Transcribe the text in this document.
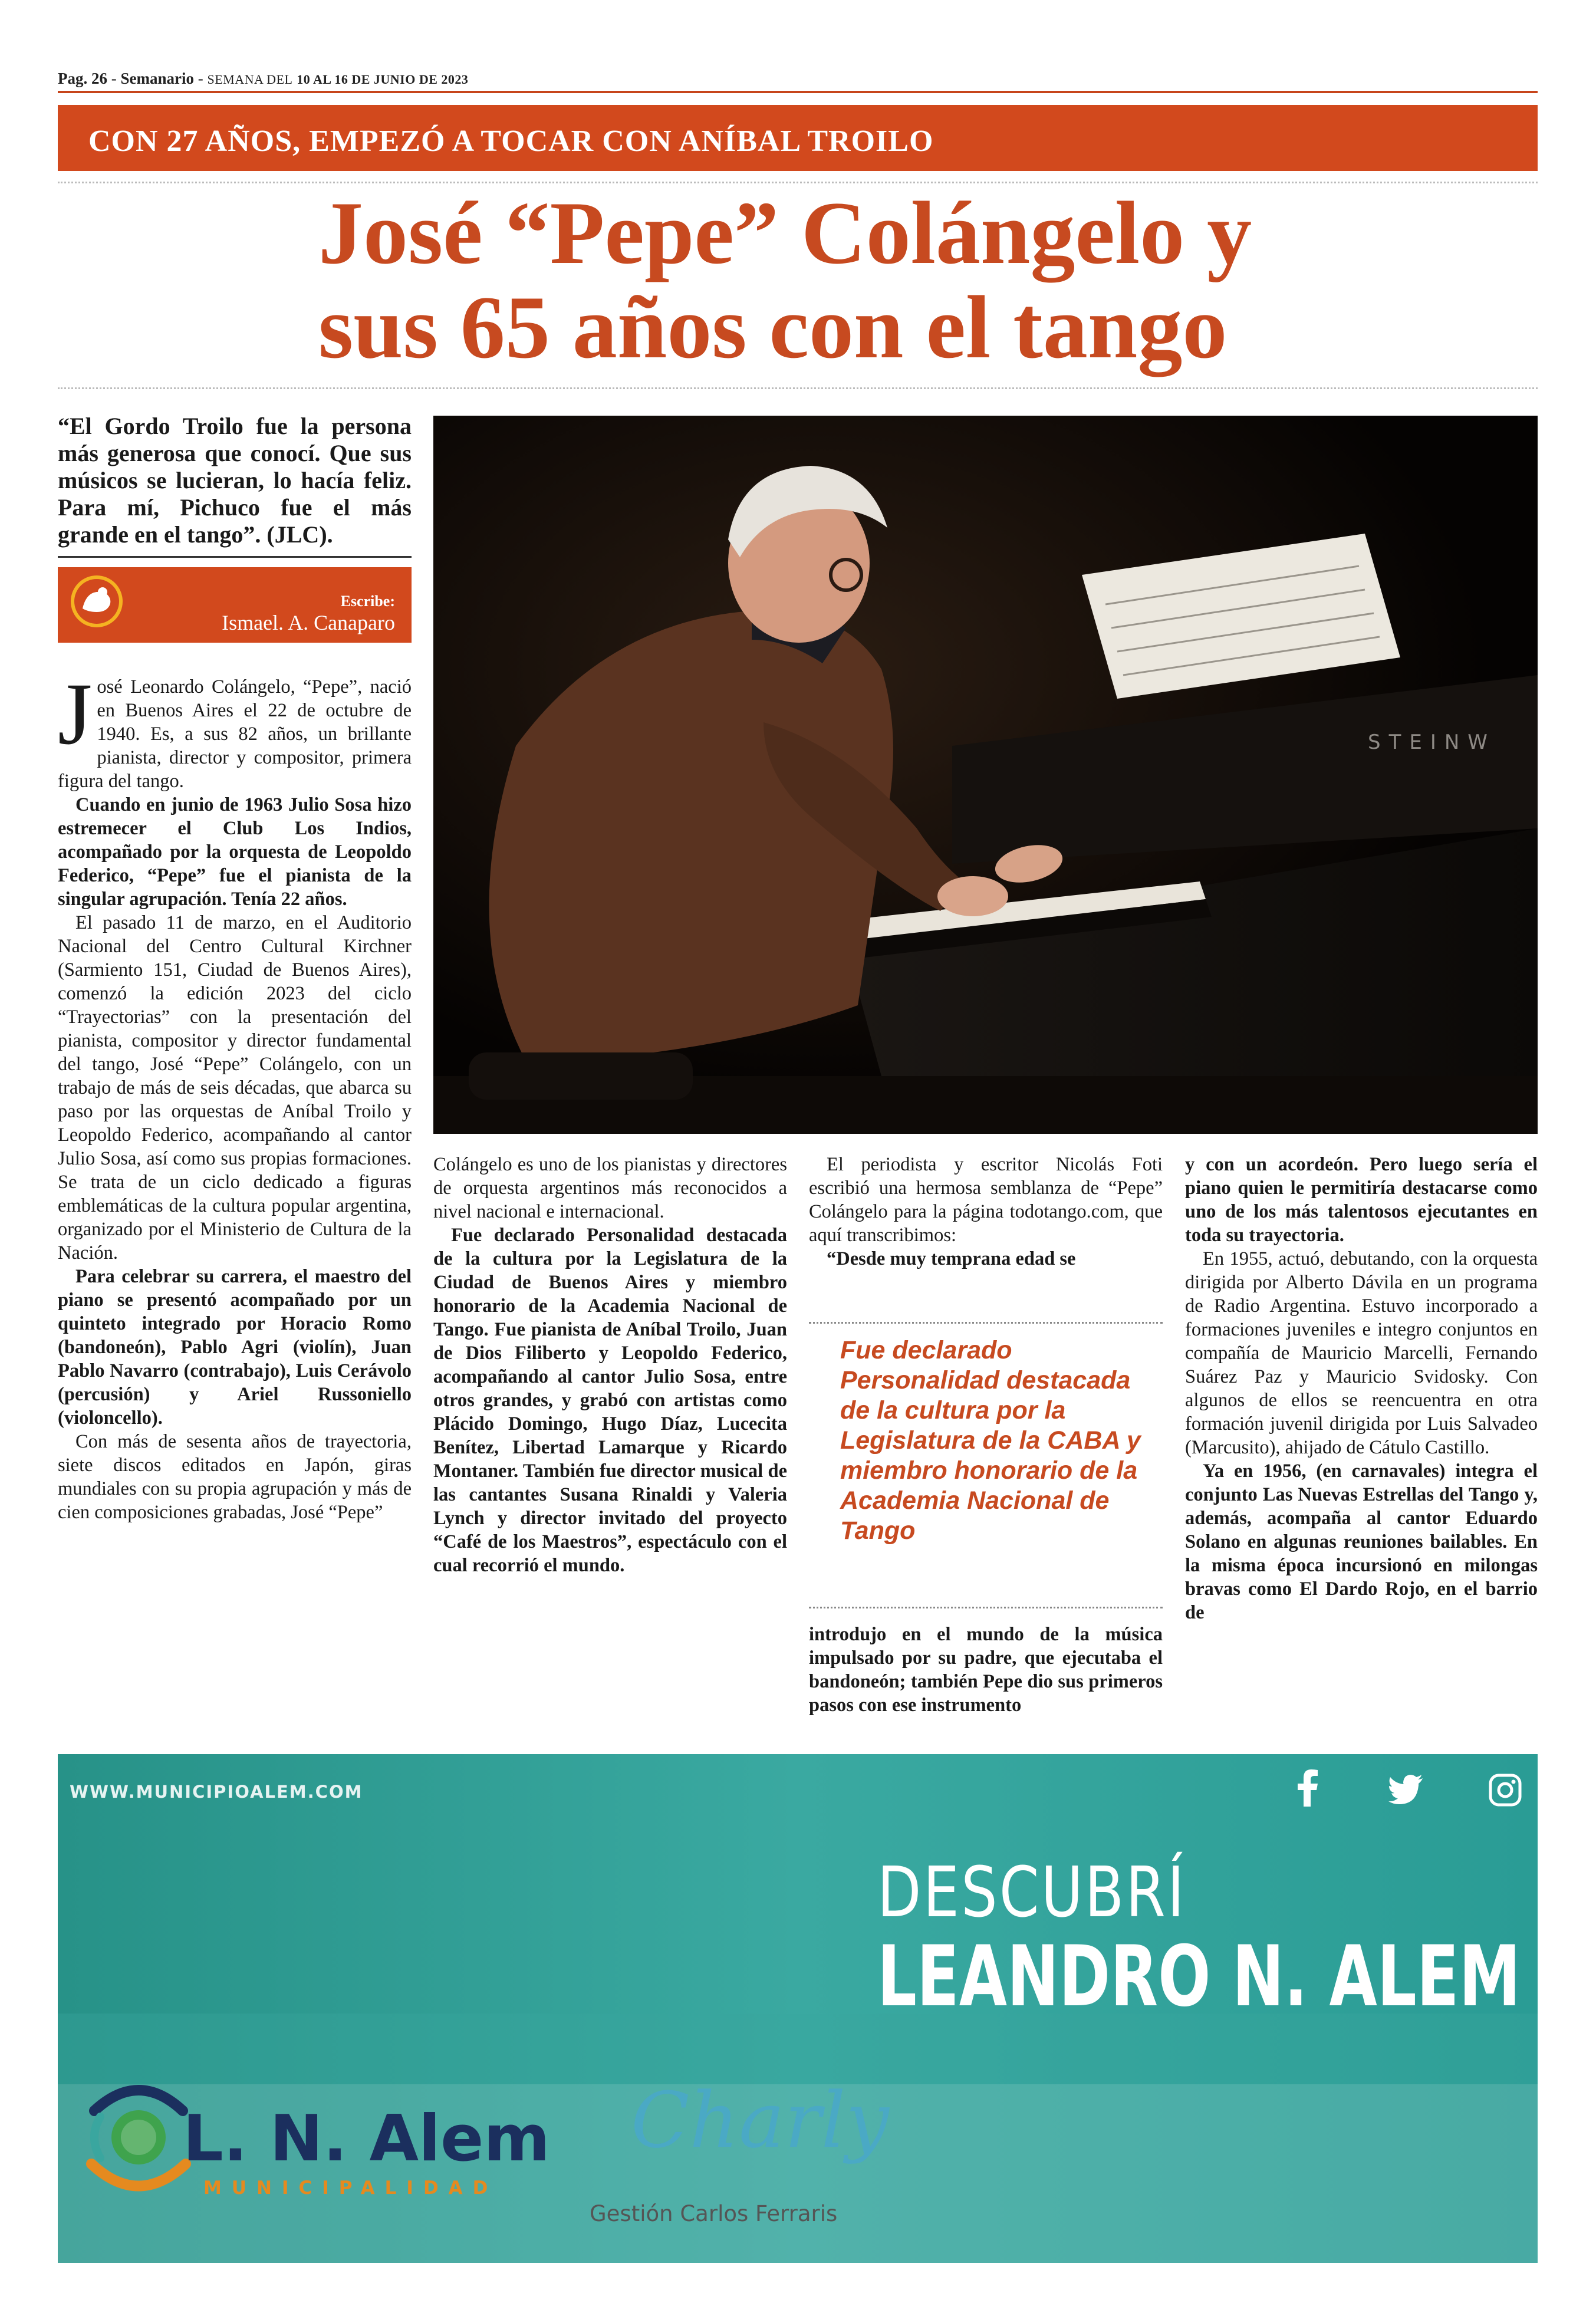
Pag. 26 - Semanario - SEMANA DEL 10 AL 16 DE JUNIO DE 2023
CON 27 AÑOS, EMPEZÓ A TOCAR CON ANÍBAL TROILO
José “Pepe” Colángelo y
sus 65 años con el tango
“El Gordo Troilo fue la persona más generosa que conocí. Que sus músicos se lucieran, lo hacía feliz. Para mí, Pichuco fue el más grande en el tango”. (JLC).
Escribe:
Ismael. A. Canaparo

José Leonardo Colángelo, “Pepe”, nació en Buenos Aires el 22 de octubre de 1940. Es, a sus 82 años, un brillante pianista, director y compositor, primera figura del tango.

Cuando en junio de 1963 Julio Sosa hizo estremecer el Club Los Indios, acompañado por la orquesta de Leopoldo Federico, “Pepe” fue el pianista de la singular agrupación. Tenía 22 años.

El pasado 11 de marzo, en el Auditorio Nacional del Centro Cultural Kirchner (Sarmiento 151, Ciudad de Buenos Aires), comenzó la edición 2023 del ciclo “Trayectorias” con la presentación del pianista, compositor y director fundamental del tango, José “Pepe” Colángelo, con un trabajo de más de seis décadas, que abarca su paso por las orquestas de Aníbal Troilo y Leopoldo Federico, acompañando al cantor Julio Sosa, así como sus propias formaciones. Se trata de un ciclo dedicado a figuras emblemáticas de la cultura popular argentina, organizado por el Ministerio de Cultura de la Nación.

Para celebrar su carrera, el maestro del piano se presentó acompañado por un quinteto integrado por Horacio Romo (bandoneón), Pablo Agri (violín), Juan Pablo Navarro (contrabajo), Luis Cerávolo (percusión) y Ariel Russoniello (violoncello).

Con más de sesenta años de trayectoria, siete discos editados en Japón, giras mundiales con su propia agrupación y más de cien composiciones grabadas, José “Pepe”

STEINW

Colángelo es uno de los pianistas y directores de orquesta argentinos más reconocidos a nivel nacional e internacional.

Fue declarado Personalidad destacada de la cultura por la Legislatura de la Ciudad de Buenos Aires y miembro honorario de la Academia Nacional de Tango. Fue pianista de Aníbal Troilo, Juan de Dios Filiberto y Leopoldo Federico, acompañando al cantor Julio Sosa, entre otros grandes, y grabó con artistas como Plácido Domingo, Hugo Díaz, Lucecita Benítez, Libertad Lamarque y Ricardo Montaner. También fue director musical de las cantantes Susana Rinaldi y Valeria Lynch y director invitado del proyecto “Café de los Maestros”, espectáculo con el cual recorrió el mundo.

El periodista y escritor Nicolás Foti escribió una hermosa semblanza de “Pepe” Colángelo para la página todotango.com, que aquí transcribimos:

“Desde muy temprana edad se

Fue declarado Personalidad destacada de la cultura por la Legislatura de la CABA y miembro honorario de la Academia Nacional de Tango

introdujo en el mundo de la música impulsado por su padre, que ejecutaba el bandoneón; también Pepe dio sus primeros pasos con ese instrumento

y con un acordeón. Pero luego sería el piano quien le permitiría destacarse como uno de los más talentosos ejecutantes en toda su trayectoria.

En 1955, actuó, debutando, con la orquesta dirigida por Alberto Dávila en un programa de Radio Argentina. Estuvo incorporado a formaciones juveniles e integro conjuntos en compañía de Mauricio Marcelli, Fernando Suárez Paz y Mauricio Svidosky. Con algunos de ellos se reencuentra en otra formación juvenil dirigida por Luis Salvadeo (Marcusito), ahijado de Cátulo Castillo.

Ya en 1956, (en carnavales) integra el conjunto Las Nuevas Estrellas del Tango y, además, acompaña al cantor Eduardo Solano en algunas reuniones bailables. En la misma época incursionó en milongas bravas como El Dardo Rojo, en el barrio de

WWW.MUNICIPIOALEM.COM
DESCUBRÍ
LEANDRO N. ALEM
L. N. Alem
MUNICIPALIDAD
Charly
Gestión Carlos Ferraris
